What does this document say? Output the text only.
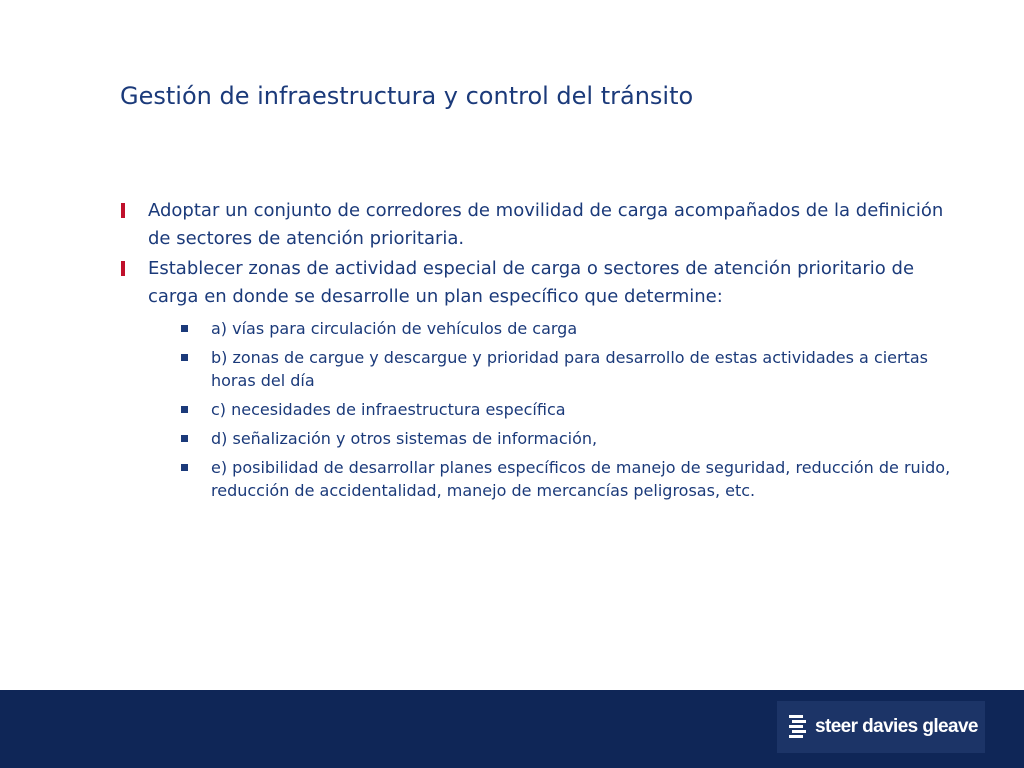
Gestión de infraestructura y control del tránsito
Adoptar un conjunto de corredores de movilidad de carga acompañados de la definición de sectores de atención prioritaria.
Establecer zonas de actividad especial de carga o sectores de atención prioritario de carga en donde se desarrolle un plan específico que determine:
a) vías para circulación de vehículos de carga
b) zonas de cargue y descargue y prioridad para desarrollo de estas actividades a ciertas horas del día
c) necesidades de infraestructura específica
d) señalización y otros sistemas de información,
e) posibilidad de desarrollar planes específicos de manejo de seguridad, reducción de ruido, reducción de accidentalidad, manejo de mercancías peligrosas, etc.
steer davies gleave
